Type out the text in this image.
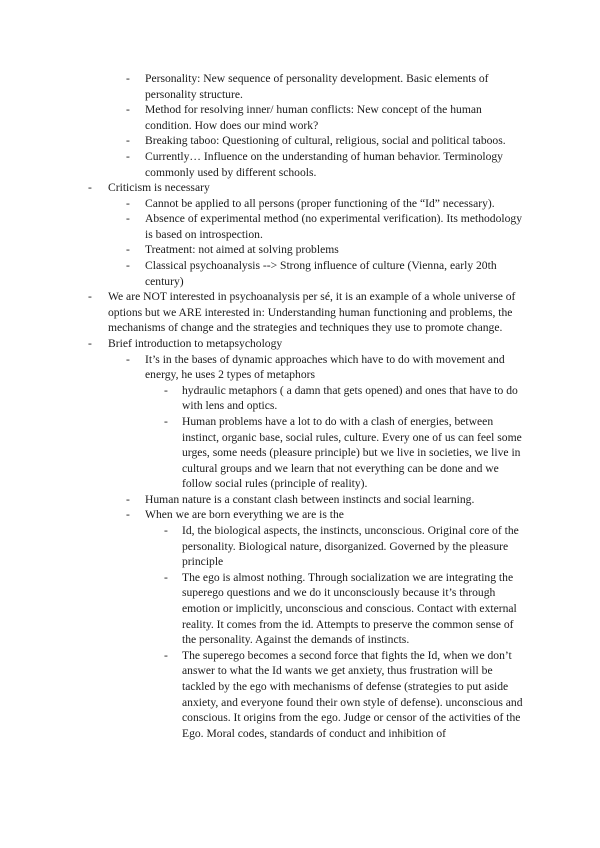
- Personality: New sequence of personality development. Basic elements of personality structure.
- Method for resolving inner/ human conflicts: New concept of the human condition. How does our mind work?
- Breaking taboo: Questioning of cultural, religious, social and political taboos.
- Currently… Influence on the understanding of human behavior. Terminology commonly used by different schools.
- Criticism is necessary
- Cannot be applied to all persons (proper functioning of the “Id” necessary).
- Absence of experimental method (no experimental verification). Its methodology is based on introspection.
- Treatment: not aimed at solving problems
- Classical psychoanalysis --> Strong influence of culture (Vienna, early 20th century)
- We are NOT interested in psychoanalysis per sé, it is an example of a whole universe of options but we ARE interested in: Understanding human functioning and problems, the mechanisms of change and the strategies and techniques they use to promote change.
- Brief introduction to metapsychology
- It’s in the bases of dynamic approaches which have to do with movement and energy, he uses 2 types of metaphors
- hydraulic metaphors ( a damn that gets opened) and ones that have to do with lens and optics.
- Human problems have a lot to do with a clash of energies, between instinct, organic base, social rules, culture. Every one of us can feel some urges, some needs (pleasure principle) but we live in societies, we live in cultural groups and we learn that not everything can be done and we follow social rules (principle of reality).
- Human nature is a constant clash between instincts and social learning.
- When we are born everything we are is the
- Id, the biological aspects, the instincts, unconscious. Original core of the personality. Biological nature, disorganized. Governed by the pleasure principle
- The ego is almost nothing. Through socialization we are integrating the superego questions and we do it unconsciously because it’s through emotion or implicitly, unconscious and conscious. Contact with external reality. It comes from the id. Attempts to preserve the common sense of the personality. Against the demands of instincts.
- The superego becomes a second force that fights the Id, when we don’t answer to what the Id wants we get anxiety, thus frustration will be tackled by the ego with mechanisms of defense (strategies to put aside anxiety, and everyone found their own style of defense). unconscious and conscious. It origins from the ego. Judge or censor of the activities of the Ego. Moral codes, standards of conduct and inhibition of
